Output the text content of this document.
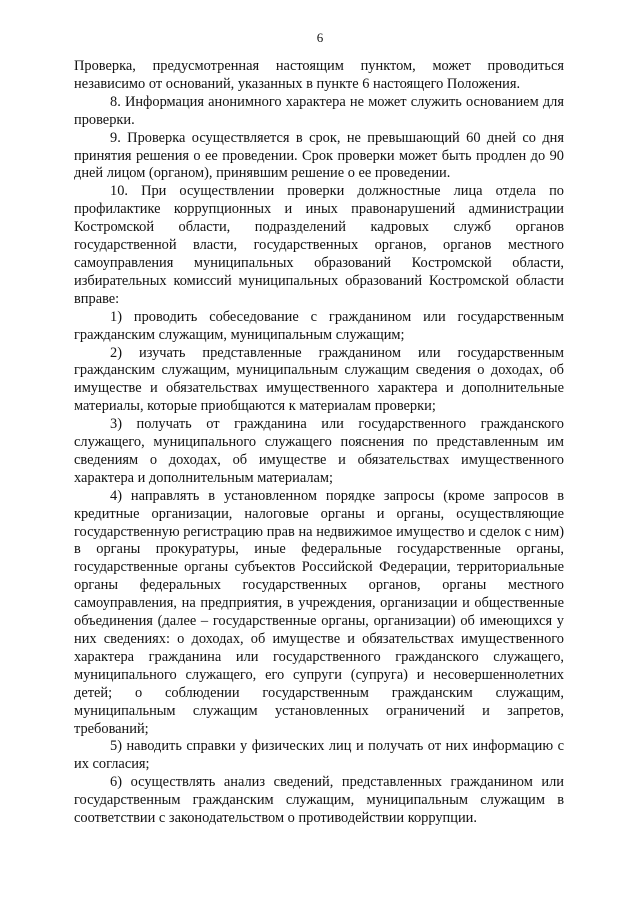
6

Проверка, предусмотренная настоящим пунктом, может проводиться независимо от оснований, указанных в пункте 6 настоящего Положения.

8. Информация анонимного характера не может служить основанием для проверки.

9. Проверка осуществляется в срок, не превышающий 60 дней со дня принятия решения о ее проведении. Срок проверки может быть продлен до 90 дней лицом (органом), принявшим решение о ее проведении.

10. При осуществлении проверки должностные лица отдела по профилактике коррупционных и иных правонарушений администрации Костромской области, подразделений кадровых служб органов государственной власти, государственных органов, органов местного самоуправления муниципальных образований Костромской области, избирательных комиссий муниципальных образований Костромской области вправе:

1) проводить собеседование с гражданином или государственным гражданским служащим, муниципальным служащим;

2) изучать представленные гражданином или государственным гражданским служащим, муниципальным служащим сведения о доходах, об имуществе и обязательствах имущественного характера и дополнительные материалы, которые приобщаются к материалам проверки;

3) получать от гражданина или государственного гражданского служащего, муниципального служащего пояснения по представленным им сведениям о доходах, об имуществе и обязательствах имущественного характера и дополнительным материалам;

4) направлять в установленном порядке запросы (кроме запросов в кредитные организации, налоговые органы и органы, осуществляющие государственную регистрацию прав на недвижимое имущество и сделок с ним) в органы прокуратуры, иные федеральные государственные органы, государственные органы субъектов Российской Федерации, территориальные органы федеральных государственных органов, органы местного самоуправления, на предприятия, в учреждения, организации и общественные объединения (далее – государственные органы, организации) об имеющихся у них сведениях: о доходах, об имуществе и обязательствах имущественного характера гражданина или государственного гражданского служащего, муниципального служащего, его супруги (супруга) и несовершеннолетних детей; о соблюдении государственным гражданским служащим, муниципальным служащим установленных ограничений и запретов, требований;

5) наводить справки у физических лиц и получать от них информацию с их согласия;

6) осуществлять анализ сведений, представленных гражданином или государственным гражданским служащим, муниципальным служащим в соответствии с законодательством о противодействии коррупции.
